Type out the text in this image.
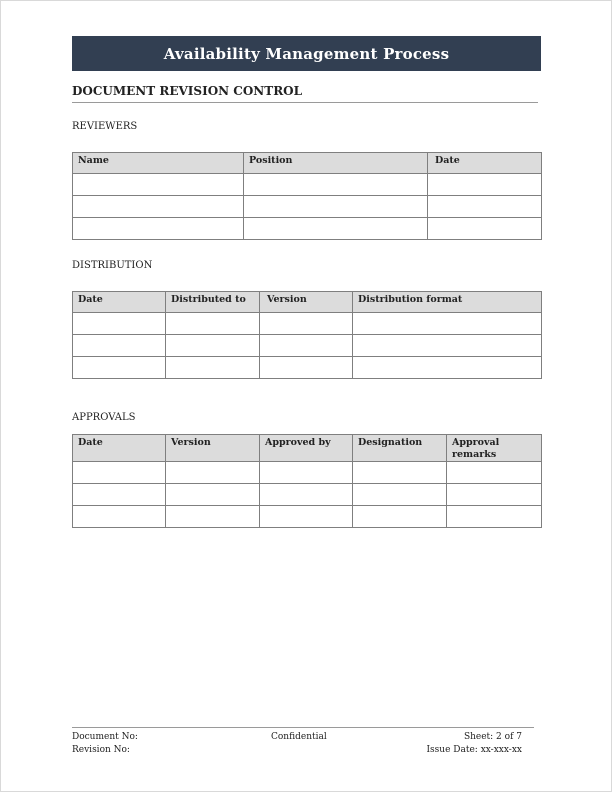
Availability Management Process
DOCUMENT REVISION CONTROL
REVIEWERS
Name	Position	Date

DISTRIBUTION
Date	Distributed to	Version	Distribution format

APPROVALS
Date	Version	Approved by	Designation	Approval remarks

Document No:
Revision No:
Confidential	Sheet: 2 of 7
Issue Date: xx-xxx-xx
